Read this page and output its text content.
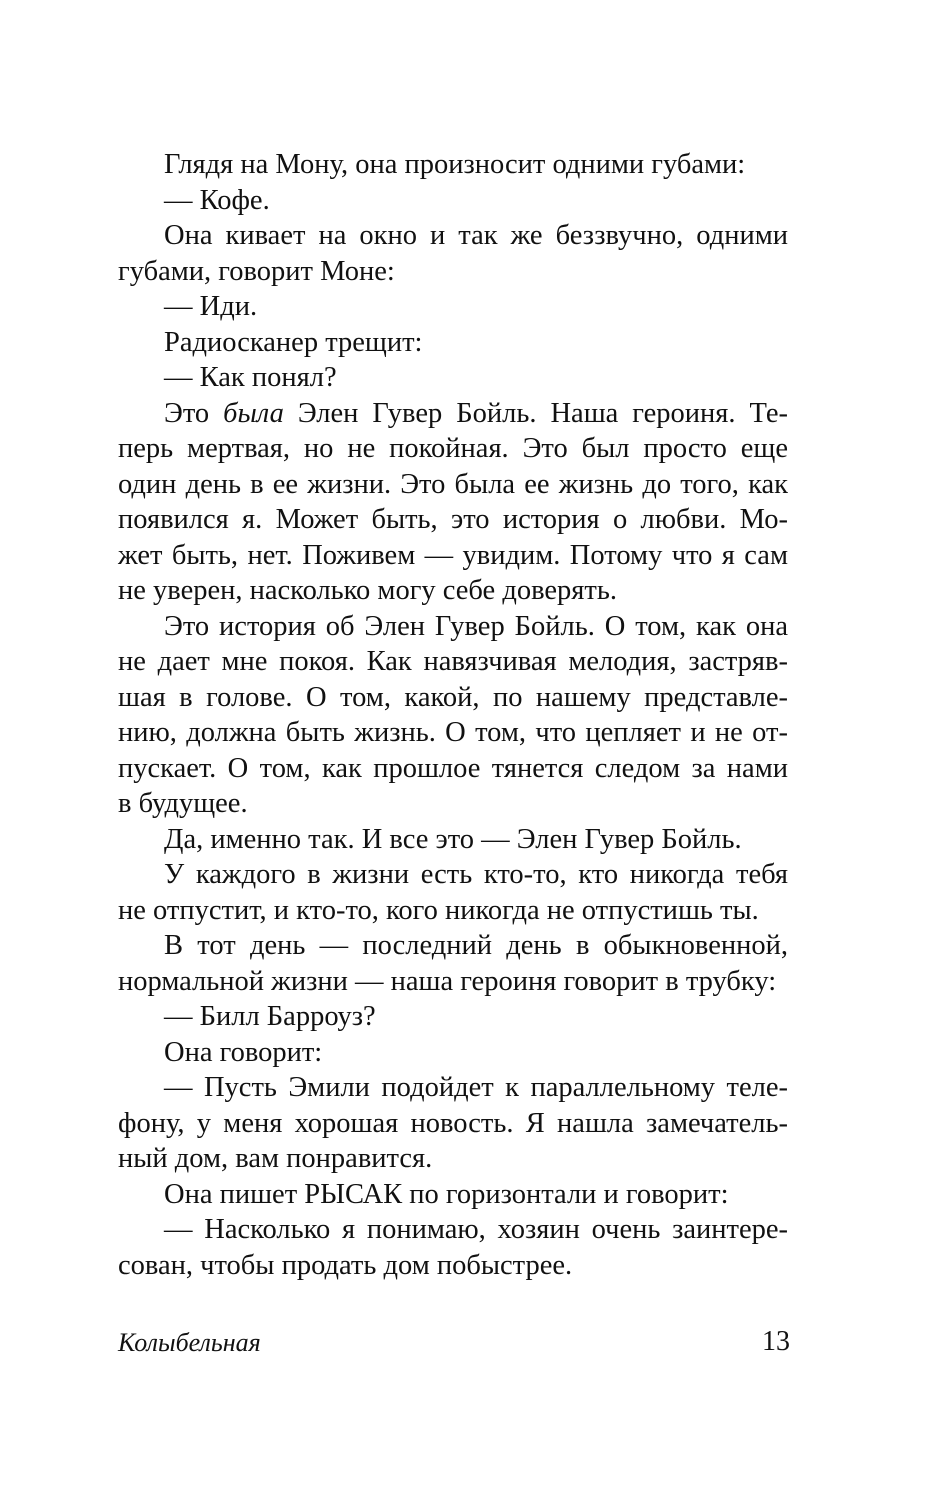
Глядя на Мону, она произносит одними губами:
— Кофе.
Она кивает на окно и так же беззвучно, одними
губами, говорит Моне:
— Иди.
Радиосканер трещит:
— Как понял?
Это была Элен Гувер Бойль. Наша героиня. Те-
перь мертвая, но не покойная. Это был просто еще
один день в ее жизни. Это была ее жизнь до того, как
появился я. Может быть, это история о любви. Мо-
жет быть, нет. Поживем — увидим. Потому что я сам
не уверен, насколько могу себе доверять.
Это история об Элен Гувер Бойль. О том, как она
не дает мне покоя. Как навязчивая мелодия, застряв-
шая в голове. О том, какой, по нашему представле-
нию, должна быть жизнь. О том, что цепляет и не от-
пускает. О том, как прошлое тянется следом за нами
в будущее.
Да, именно так. И все это — Элен Гувер Бойль.
У каждого в жизни есть кто-то, кто никогда тебя
не отпустит, и кто-то, кого никогда не отпустишь ты.
В тот день — последний день в обыкновенной,
нормальной жизни — наша героиня говорит в трубку:
— Билл Барроуз?
Она говорит:
— Пусть Эмили подойдет к параллельному теле-
фону, у меня хорошая новость. Я нашла замечатель-
ный дом, вам понравится.
Она пишет РЫСАК по горизонтали и говорит:
— Насколько я понимаю, хозяин очень заинтере-
сован, чтобы продать дом побыстрее.
Колыбельная	13
